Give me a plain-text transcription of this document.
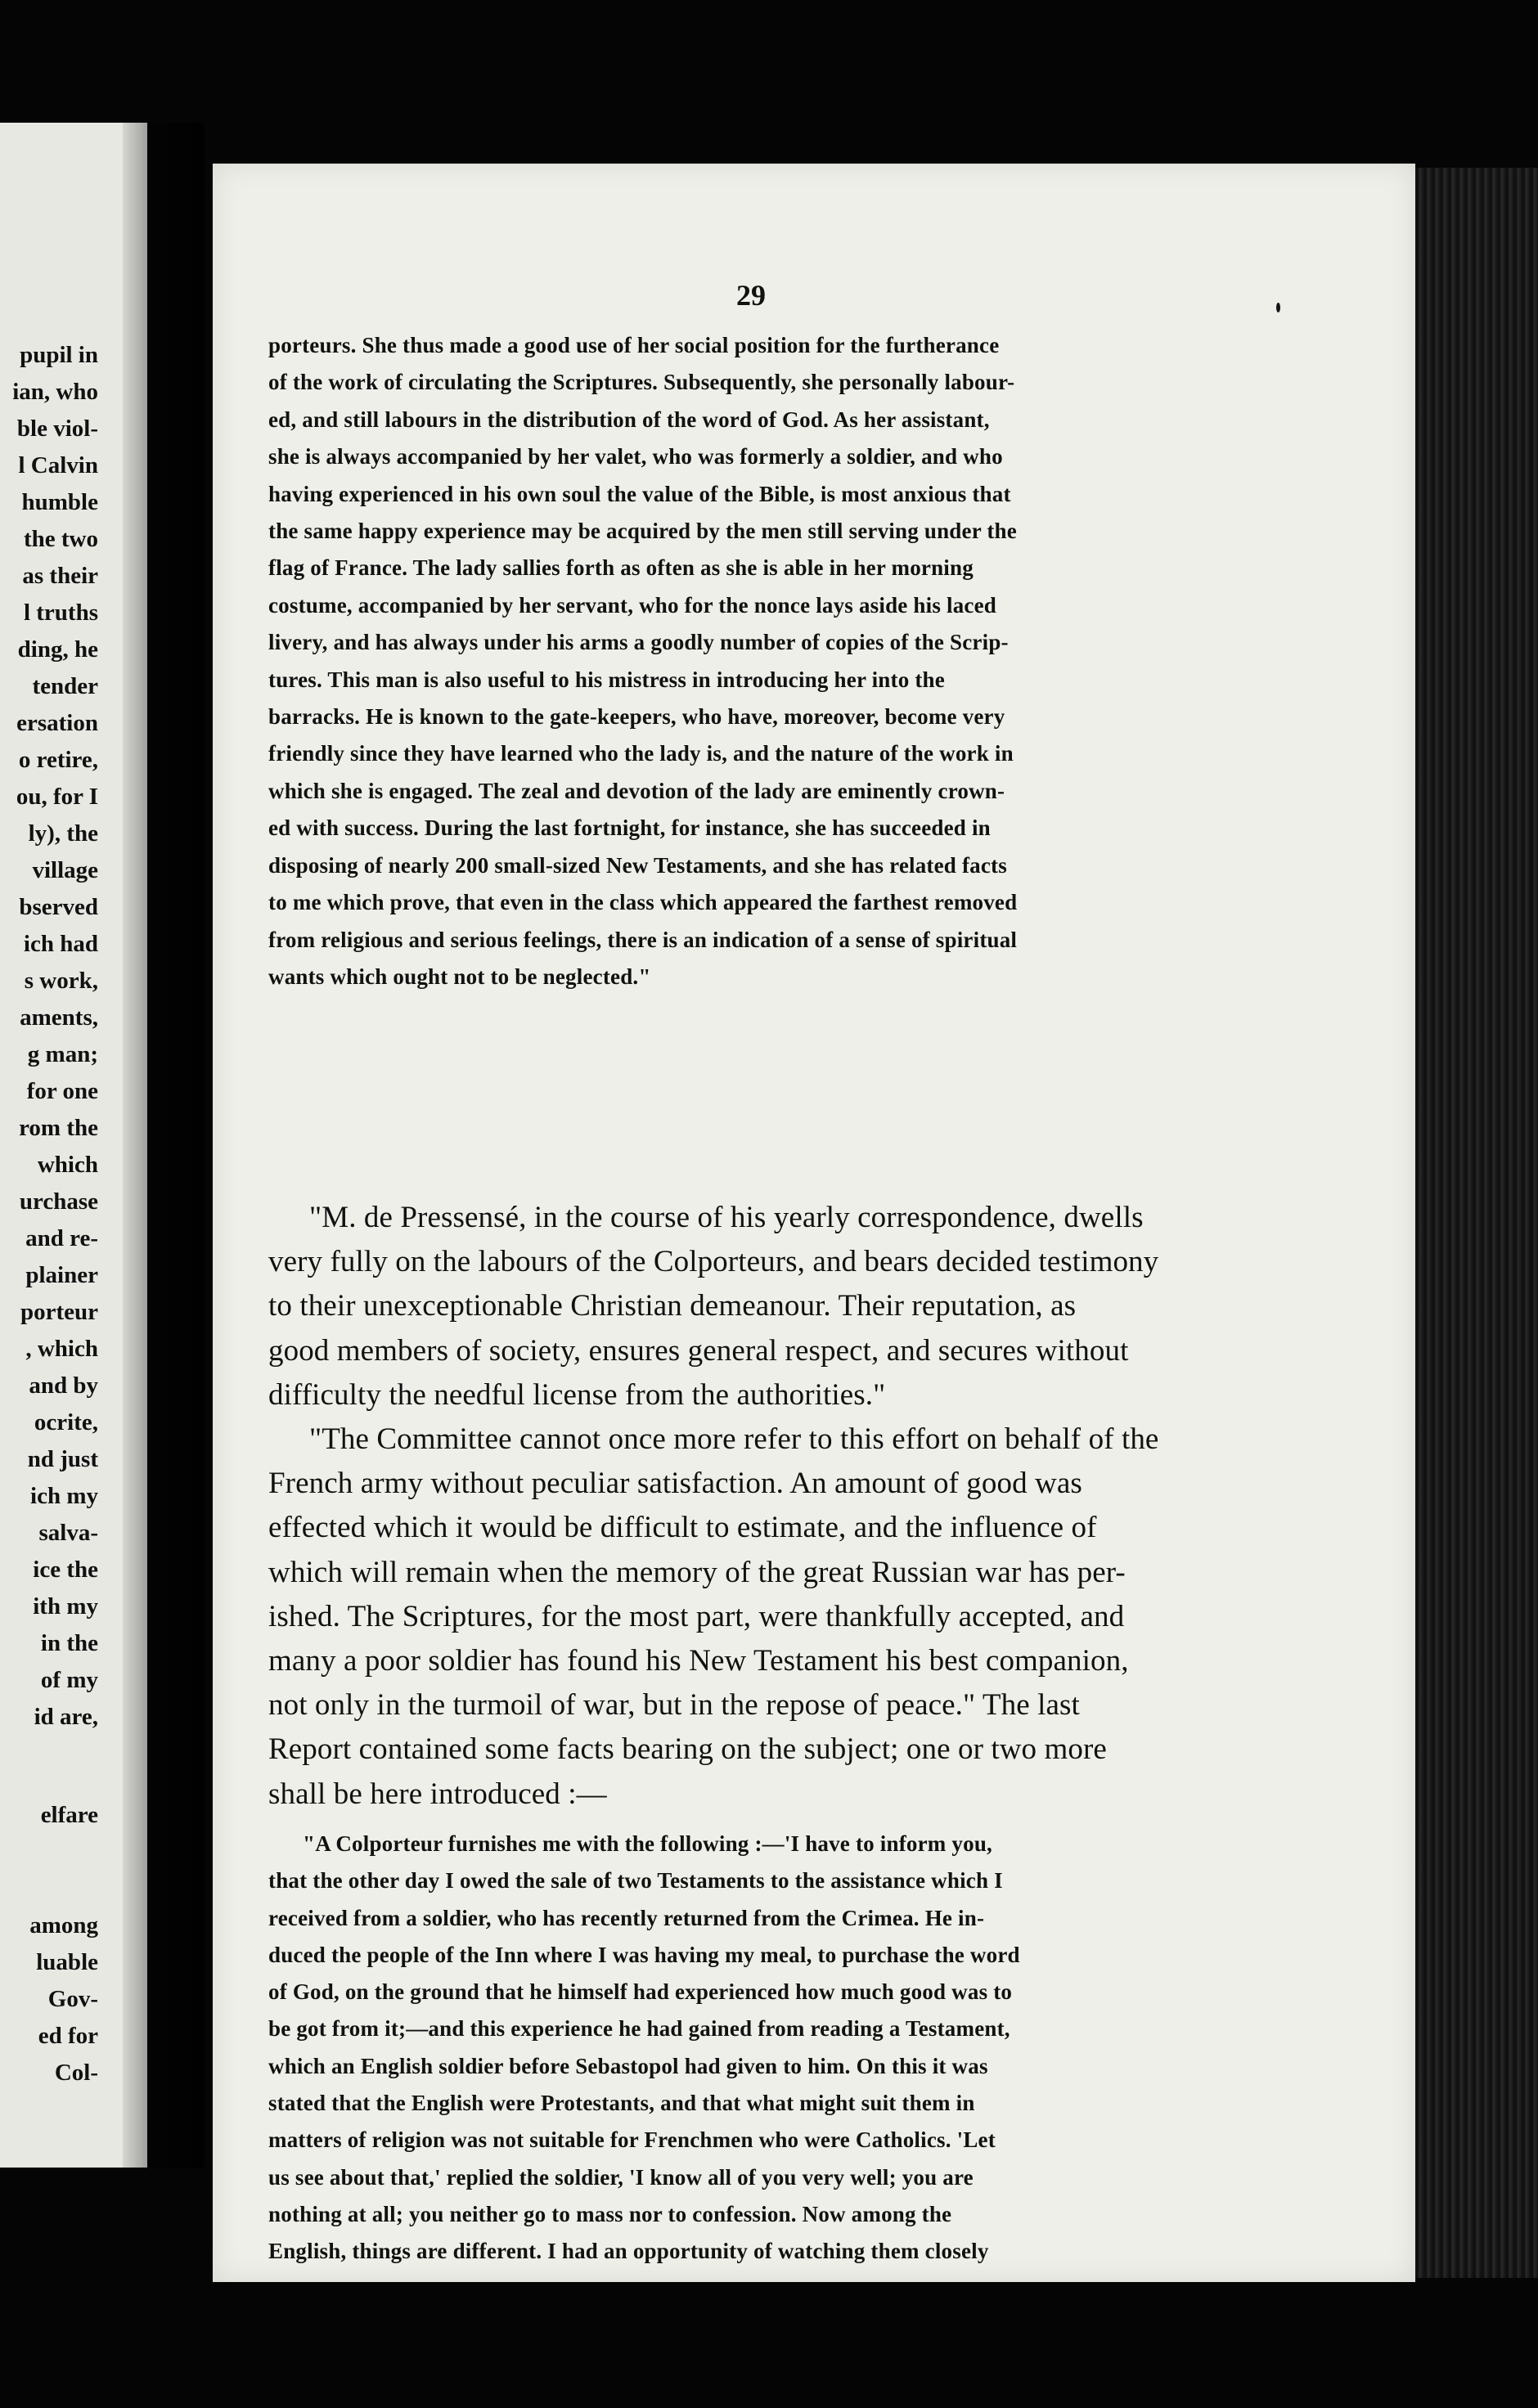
pupil in
ian, who
ble viol-
l Calvin
humble
the two
as their
l truths
ding, he
tender
ersation
o retire,
ou, for I
ly), the
village
bserved
ich had
s work,
aments,
g man;
for one
rom the
which
urchase
and re-
plainer
porteur
, which
and by
ocrite,
nd just
ich my
salva-
ice the
ith my
in the
of my
id are,
elfare
among
luable
Gov-
ed for
Col-
29
porteurs. She thus made a good use of her social position for the furtherance
of the work of circulating the Scriptures. Subsequently, she personally labour-
ed, and still labours in the distribution of the word of God. As her assistant,
she is always accompanied by her valet, who was formerly a soldier, and who
having experienced in his own soul the value of the Bible, is most anxious that
the same happy experience may be acquired by the men still serving under the
flag of France. The lady sallies forth as often as she is able in her morning
costume, accompanied by her servant, who for the nonce lays aside his laced
livery, and has always under his arms a goodly number of copies of the Scrip-
tures. This man is also useful to his mistress in introducing her into the
barracks. He is known to the gate-keepers, who have, moreover, become very
friendly since they have learned who the lady is, and the nature of the work in
which she is engaged. The zeal and devotion of the lady are eminently crown-
ed with success. During the last fortnight, for instance, she has succeeded in
disposing of nearly 200 small-sized New Testaments, and she has related facts
to me which prove, that even in the class which appeared the farthest removed
from religious and serious feelings, there is an indication of a sense of spiritual
wants which ought not to be neglected."
"M. de Pressensé, in the course of his yearly correspondence, dwells
very fully on the labours of the Colporteurs, and bears decided testimony
to their unexceptionable Christian demeanour. Their reputation, as
good members of society, ensures general respect, and secures without
difficulty the needful license from the authorities."
"The Committee cannot once more refer to this effort on behalf of the
French army without peculiar satisfaction. An amount of good was
effected which it would be difficult to estimate, and the influence of
which will remain when the memory of the great Russian war has per-
ished. The Scriptures, for the most part, were thankfully accepted, and
many a poor soldier has found his New Testament his best companion,
not only in the turmoil of war, but in the repose of peace." The last
Report contained some facts bearing on the subject; one or two more
shall be here introduced :—
"A Colporteur furnishes me with the following :—'I have to inform you,
that the other day I owed the sale of two Testaments to the assistance which I
received from a soldier, who has recently returned from the Crimea. He in-
duced the people of the Inn where I was having my meal, to purchase the word
of God, on the ground that he himself had experienced how much good was to
be got from it;—and this experience he had gained from reading a Testament,
which an English soldier before Sebastopol had given to him. On this it was
stated that the English were Protestants, and that what might suit them in
matters of religion was not suitable for Frenchmen who were Catholics. 'Let
us see about that,' replied the soldier, 'I know all of you very well; you are
nothing at all; you neither go to mass nor to confession. Now among the
English, things are different. I had an opportunity of watching them closely
